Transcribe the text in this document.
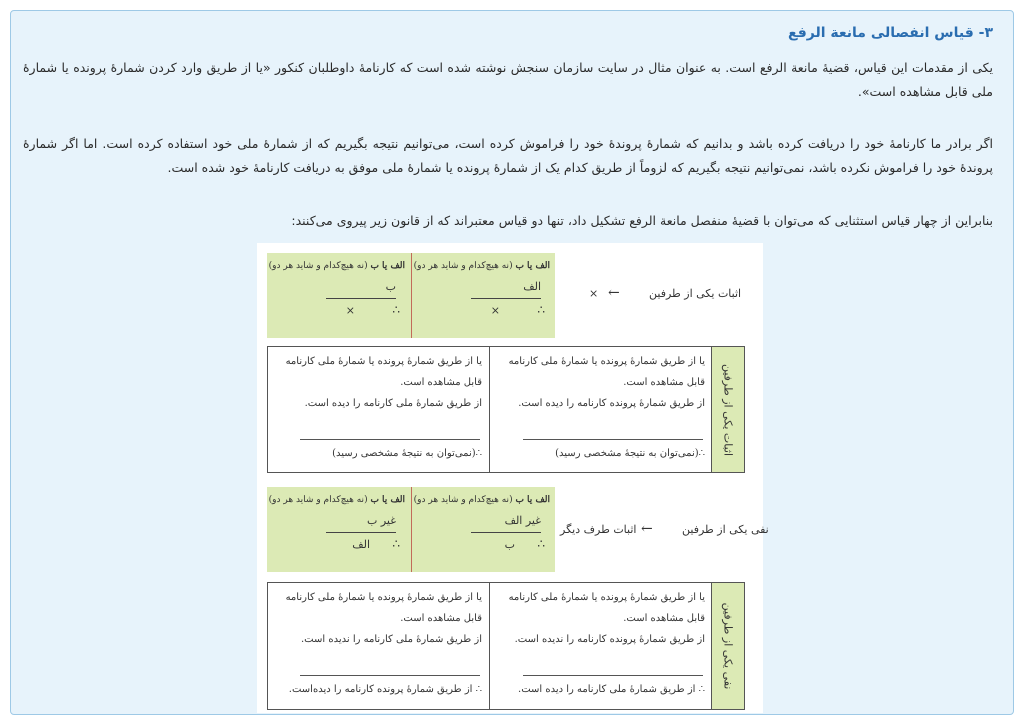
۳- قیاس انفصالی مانعة الرفع
یکی از مقدمات این قیاس، قضیهٔ مانعة الرفع است. به عنوان مثال در سایت سازمان سنجش نوشته شده است که کارنامهٔ داوطلبان کنکور «یا از طریق وارد کردن شمارهٔ پرونده یا شمارهٔ ملی قابل مشاهده است».
اگر برادر ما کارنامهٔ خود را دریافت کرده باشد و بدانیم که شمارهٔ پروندهٔ خود را فراموش کرده است، می‌توانیم نتیجه بگیریم که از شمارهٔ ملی خود استفاده کرده است. اما اگر شمارهٔ پروندهٔ خود را فراموش نکرده باشد، نمی‌توانیم نتیجه بگیریم که لزوماً از طریق کدام یک از شمارهٔ پرونده یا شمارهٔ ملی موفق به دریافت کارنامهٔ خود شده است.
بنابراین از چهار قیاس استثنایی که می‌توان با قضیهٔ منفصل مانعة الرفع تشکیل داد، تنها دو قیاس معتبراند که از قانون زیر پیروی می‌کنند:
الف یا ب (نه هیچ‌کدام و شاید هر دو)
الف
∴
×
الف یا ب (نه هیچ‌کدام و شاید هر دو)
ب
∴
×
× ←	اثبات یکی از طرفین
اثبات یکی از طرفین
یا از طریق شمارهٔ پرونده یا شمارهٔ ملی کارنامه قابل مشاهده است.
از طریق شمارهٔ پرونده کارنامه را دیده است.
∴(نمی‌توان به نتیجهٔ مشخصی رسید)
یا از طریق شمارهٔ پرونده یا شمارهٔ ملی کارنامه قابل مشاهده است.
از طریق شمارهٔ ملی کارنامه را دیده است.
∴(نمی‌توان به نتیجهٔ مشخصی رسید)
الف یا ب (نه هیچ‌کدام و شاید هر دو)
غیر الف
∴
ب
الف یا ب (نه هیچ‌کدام و شاید هر دو)
غیر ب
∴
الف
اثبات طرف دیگر ←	نفی یکی از طرفین
نفی یکی از طرفین
یا از طریق شمارهٔ پرونده یا شمارهٔ ملی کارنامه قابل مشاهده است.
از طریق شمارهٔ پرونده کارنامه را ندیده است.
∴ از طریق شمارهٔ ملی کارنامه را دیده است.
یا از طریق شمارهٔ پرونده یا شمارهٔ ملی کارنامه قابل مشاهده است.
از طریق شمارهٔ ملی کارنامه را ندیده است.
∴ از طریق شمارهٔ پرونده کارنامه را دیده‌است.
